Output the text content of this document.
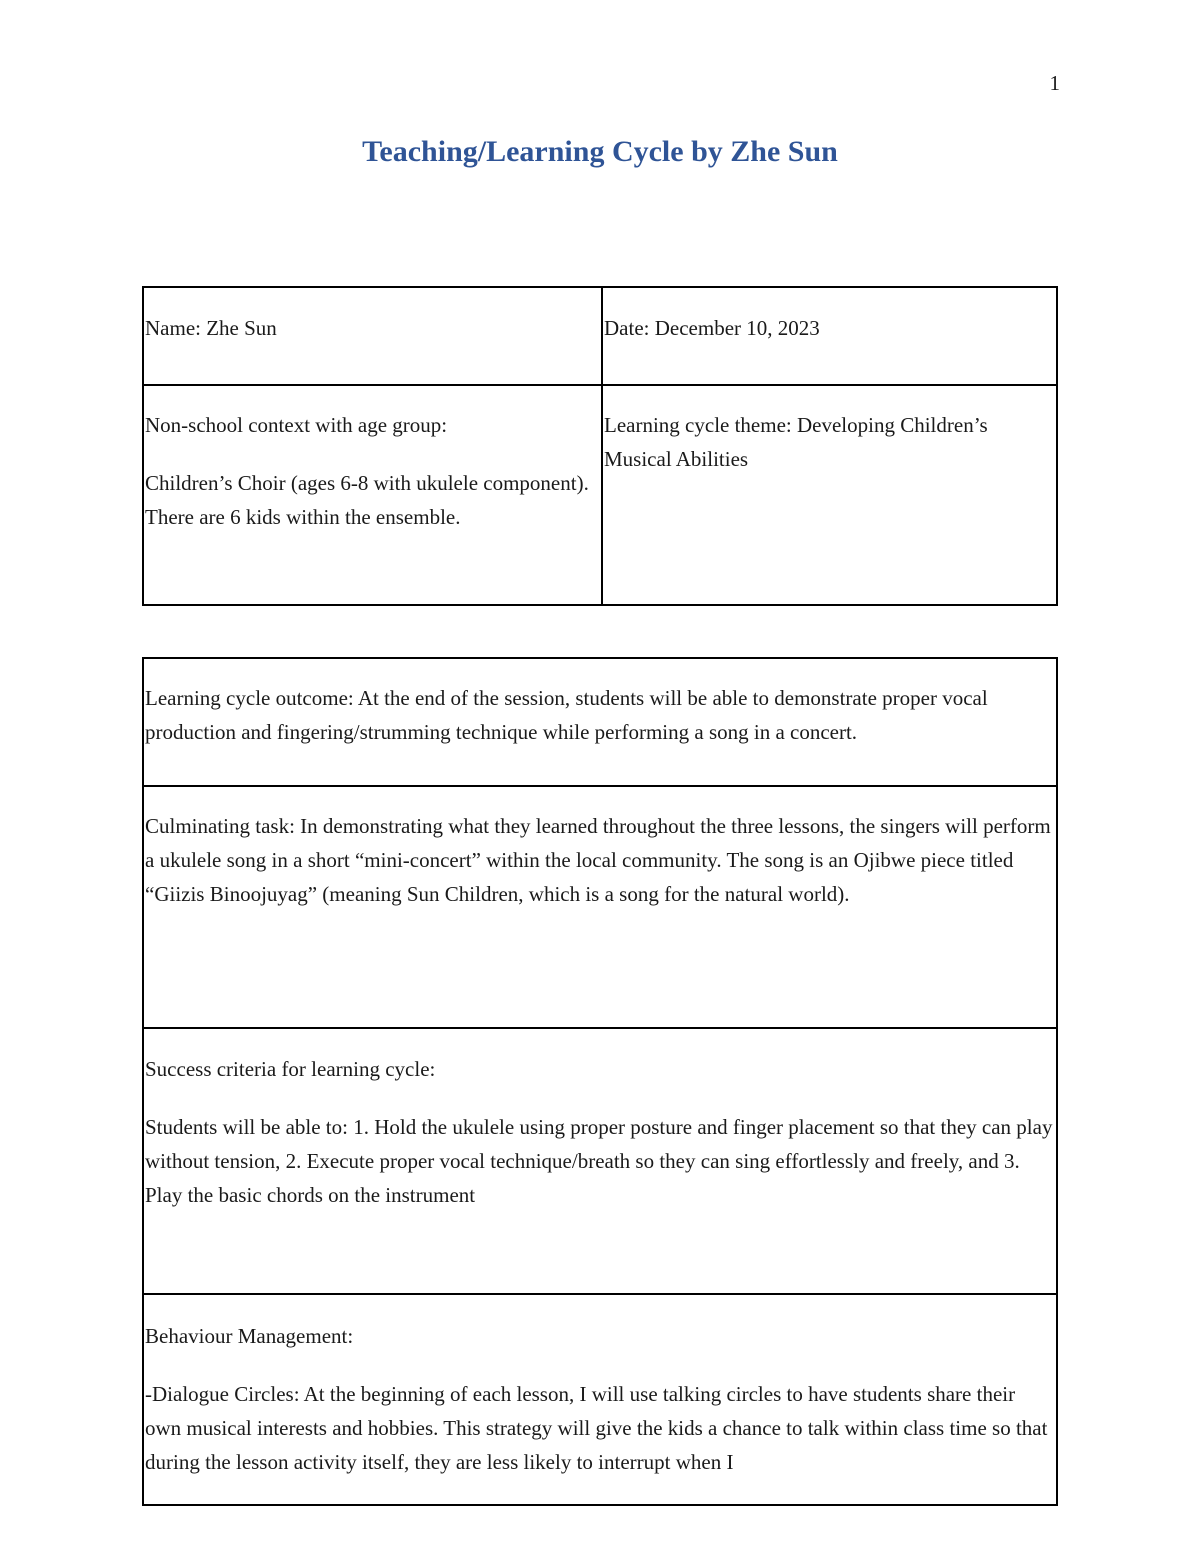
1
Teaching/Learning Cycle by Zhe Sun

Name: Zhe Sun	Date: December 10, 2023

Non-school context with age group:

Children’s Choir (ages 6-8 with ukulele component). There are 6 kids within the ensemble.	Learning cycle theme: Developing Children’s Musical Abilities

Learning cycle outcome: At the end of the session, students will be able to demonstrate proper vocal production and fingering/strumming technique while performing a song in a concert.

Culminating task: In demonstrating what they learned throughout the three lessons, the singers will perform a ukulele song in a short “mini-concert” within the local community. The song is an Ojibwe piece titled “Giizis Binoojuyag” (meaning Sun Children, which is a song for the natural world).

Success criteria for learning cycle:

Students will be able to: 1. Hold the ukulele using proper posture and finger placement so that they can play without tension, 2. Execute proper vocal technique/breath so they can sing effortlessly and freely, and 3. Play the basic chords on the instrument

Behaviour Management:

-Dialogue Circles: At the beginning of each lesson, I will use talking circles to have students share their own musical interests and hobbies. This strategy will give the kids a chance to talk within class time so that during the lesson activity itself, they are less likely to interrupt when I
